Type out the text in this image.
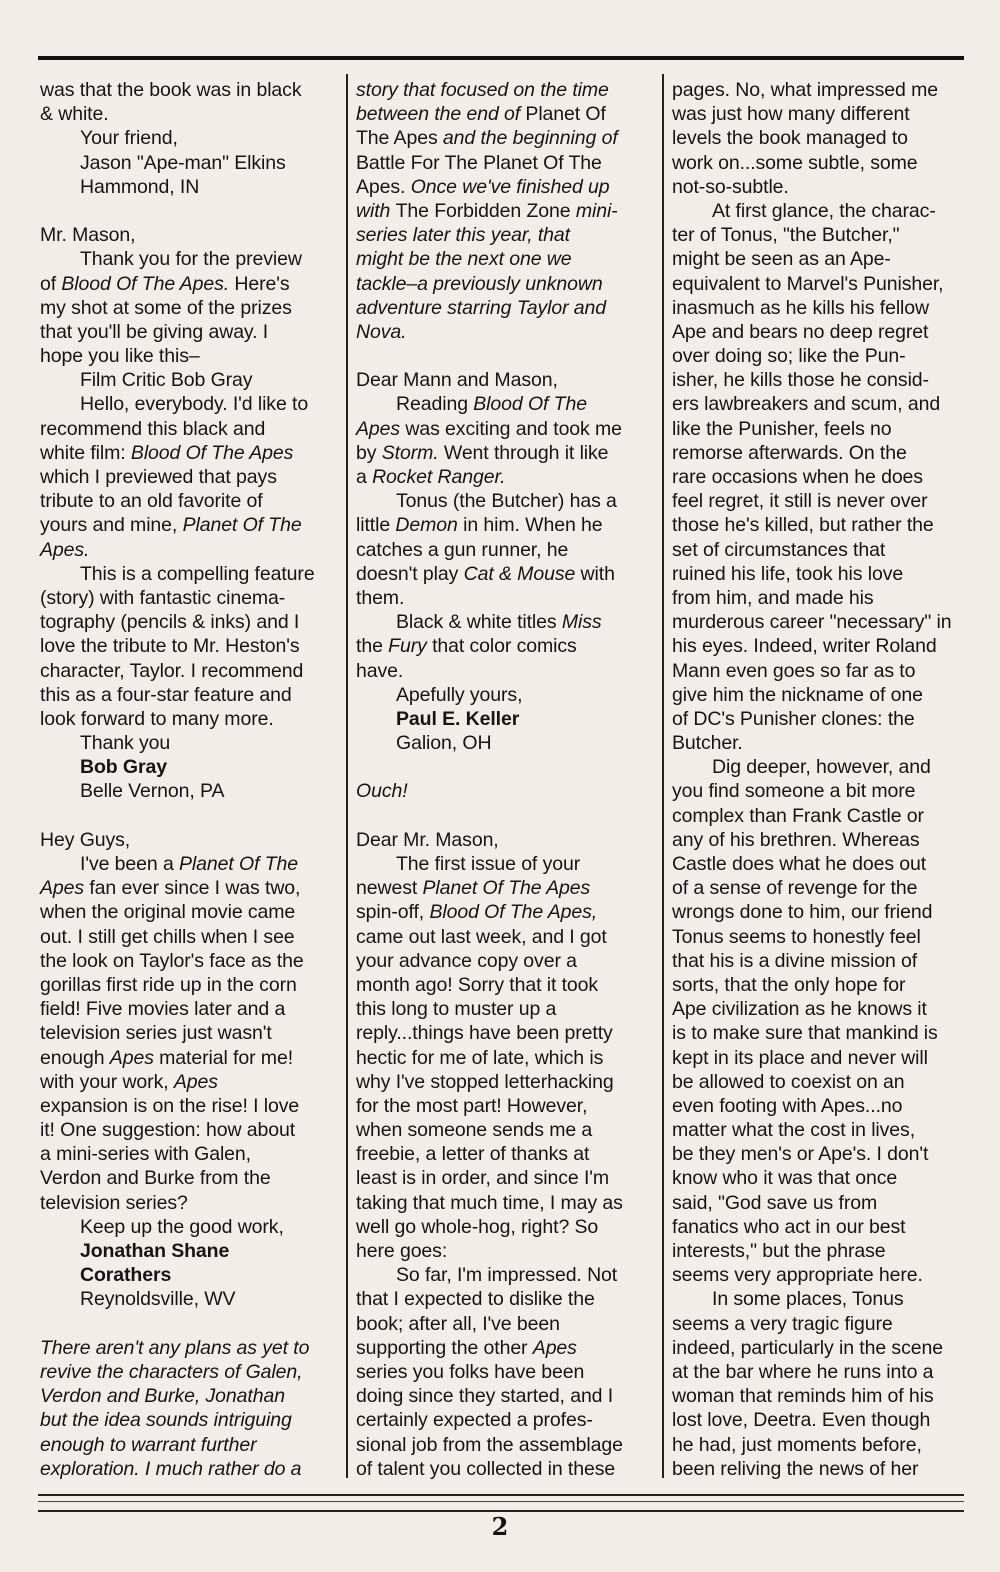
was that the book was in black
& white.
Your friend,
Jason "Ape-man" Elkins
Hammond, IN
Mr. Mason,
Thank you for the preview
of Blood Of The Apes. Here's
my shot at some of the prizes
that you'll be giving away. I
hope you like this–
Film Critic Bob Gray
Hello, everybody. I'd like to
recommend this black and
white film: Blood Of The Apes
which I previewed that pays
tribute to an old favorite of
yours and mine, Planet Of The
Apes.
This is a compelling feature
(story) with fantastic cinema-
tography (pencils & inks) and I
love the tribute to Mr. Heston's
character, Taylor. I recommend
this as a four-star feature and
look forward to many more.
Thank you
Bob Gray
Belle Vernon, PA
Hey Guys,
I've been a Planet Of The
Apes fan ever since I was two,
when the original movie came
out. I still get chills when I see
the look on Taylor's face as the
gorillas first ride up in the corn
field! Five movies later and a
television series just wasn't
enough Apes material for me!
with your work, Apes
expansion is on the rise! I love
it! One suggestion: how about
a mini-series with Galen,
Verdon and Burke from the
television series?
Keep up the good work,
Jonathan Shane
Corathers
Reynoldsville, WV
There aren't any plans as yet to
revive the characters of Galen,
Verdon and Burke, Jonathan
but the idea sounds intriguing
enough to warrant further
exploration. I much rather do a
story that focused on the time
between the end of Planet Of
The Apes and the beginning of
Battle For The Planet Of The
Apes. Once we've finished up
with The Forbidden Zone mini-
series later this year, that
might be the next one we
tackle–a previously unknown
adventure starring Taylor and
Nova.
Dear Mann and Mason,
Reading Blood Of The
Apes was exciting and took me
by Storm. Went through it like
a Rocket Ranger.
Tonus (the Butcher) has a
little Demon in him. When he
catches a gun runner, he
doesn't play Cat & Mouse with
them.
Black & white titles Miss
the Fury that color comics
have.
Apefully yours,
Paul E. Keller
Galion, OH
Ouch!
Dear Mr. Mason,
The first issue of your
newest Planet Of The Apes
spin-off, Blood Of The Apes,
came out last week, and I got
your advance copy over a
month ago! Sorry that it took
this long to muster up a
reply...things have been pretty
hectic for me of late, which is
why I've stopped letterhacking
for the most part! However,
when someone sends me a
freebie, a letter of thanks at
least is in order, and since I'm
taking that much time, I may as
well go whole-hog, right? So
here goes:
So far, I'm impressed. Not
that I expected to dislike the
book; after all, I've been
supporting the other Apes
series you folks have been
doing since they started, and I
certainly expected a profes-
sional job from the assemblage
of talent you collected in these
pages. No, what impressed me
was just how many different
levels the book managed to
work on...some subtle, some
not-so-subtle.
At first glance, the charac-
ter of Tonus, "the Butcher,"
might be seen as an Ape-
equivalent to Marvel's Punisher,
inasmuch as he kills his fellow
Ape and bears no deep regret
over doing so; like the Pun-
isher, he kills those he consid-
ers lawbreakers and scum, and
like the Punisher, feels no
remorse afterwards. On the
rare occasions when he does
feel regret, it still is never over
those he's killed, but rather the
set of circumstances that
ruined his life, took his love
from him, and made his
murderous career "necessary" in
his eyes. Indeed, writer Roland
Mann even goes so far as to
give him the nickname of one
of DC's Punisher clones: the
Butcher.
Dig deeper, however, and
you find someone a bit more
complex than Frank Castle or
any of his brethren. Whereas
Castle does what he does out
of a sense of revenge for the
wrongs done to him, our friend
Tonus seems to honestly feel
that his is a divine mission of
sorts, that the only hope for
Ape civilization as he knows it
is to make sure that mankind is
kept in its place and never will
be allowed to coexist on an
even footing with Apes...no
matter what the cost in lives,
be they men's or Ape's. I don't
know who it was that once
said, "God save us from
fanatics who act in our best
interests," but the phrase
seems very appropriate here.
In some places, Tonus
seems a very tragic figure
indeed, particularly in the scene
at the bar where he runs into a
woman that reminds him of his
lost love, Deetra. Even though
he had, just moments before,
been reliving the news of her
2
